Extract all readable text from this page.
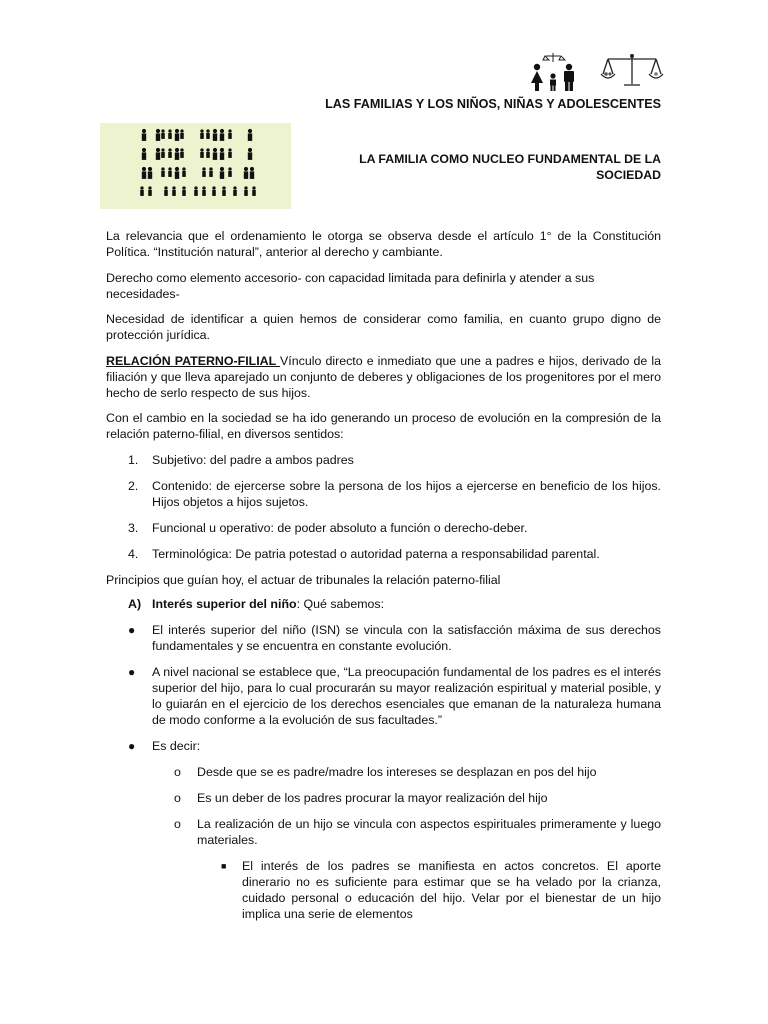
LAS FAMILIAS Y LOS NIÑOS, NIÑAS Y ADOLESCENTES
LA FAMILIA COMO NUCLEO FUNDAMENTAL DE LA SOCIEDAD

La relevancia que el ordenamiento le otorga se observa desde el artículo 1° de la Constitución Política. “Institución natural”, anterior al derecho y cambiante.

Derecho como elemento accesorio- con capacidad limitada para definirla y atender a sus necesidades-

Necesidad de identificar a quien hemos de considerar como familia, en cuanto grupo digno de protección jurídica.

RELACIÓN PATERNO-FILIAL Vínculo directo e inmediato que une a padres e hijos, derivado de la filiación y que lleva aparejado un conjunto de deberes y obligaciones de los progenitores por el mero hecho de serlo respecto de sus hijos.

Con el cambio en la sociedad se ha ido generando un proceso de evolución en la compresión de la relación paterno-filial, en diversos sentidos:

1. Subjetivo: del padre a ambos padres
2. Contenido: de ejercerse sobre la persona de los hijos a ejercerse en beneficio de los hijos. Hijos objetos a hijos sujetos.
3. Funcional u operativo: de poder absoluto a función o derecho-deber.
4. Terminológica: De patria potestad o autoridad paterna a responsabilidad parental.

Principios que guían hoy, el actuar de tribunales la relación paterno-filial

A) Interés superior del niño: Qué sabemos:
● El interés superior del niño (ISN) se vincula con la satisfacción máxima de sus derechos fundamentales y se encuentra en constante evolución.
● A nivel nacional se establece que, “La preocupación fundamental de los padres es el interés superior del hijo, para lo cual procurarán su mayor realización espiritual y material posible, y lo guiarán en el ejercicio de los derechos esenciales que emanan de la naturaleza humana de modo conforme a la evolución de sus facultades.”
● Es decir:
o Desde que se es padre/madre los intereses se desplazan en pos del hijo
o Es un deber de los padres procurar la mayor realización del hijo
o La realización de un hijo se vincula con aspectos espirituales primeramente y luego materiales.
■ El interés de los padres se manifiesta en actos concretos. El aporte dinerario no es suficiente para estimar que se ha velado por la crianza, cuidado personal o educación del hijo. Velar por el bienestar de un hijo implica una serie de elementos
